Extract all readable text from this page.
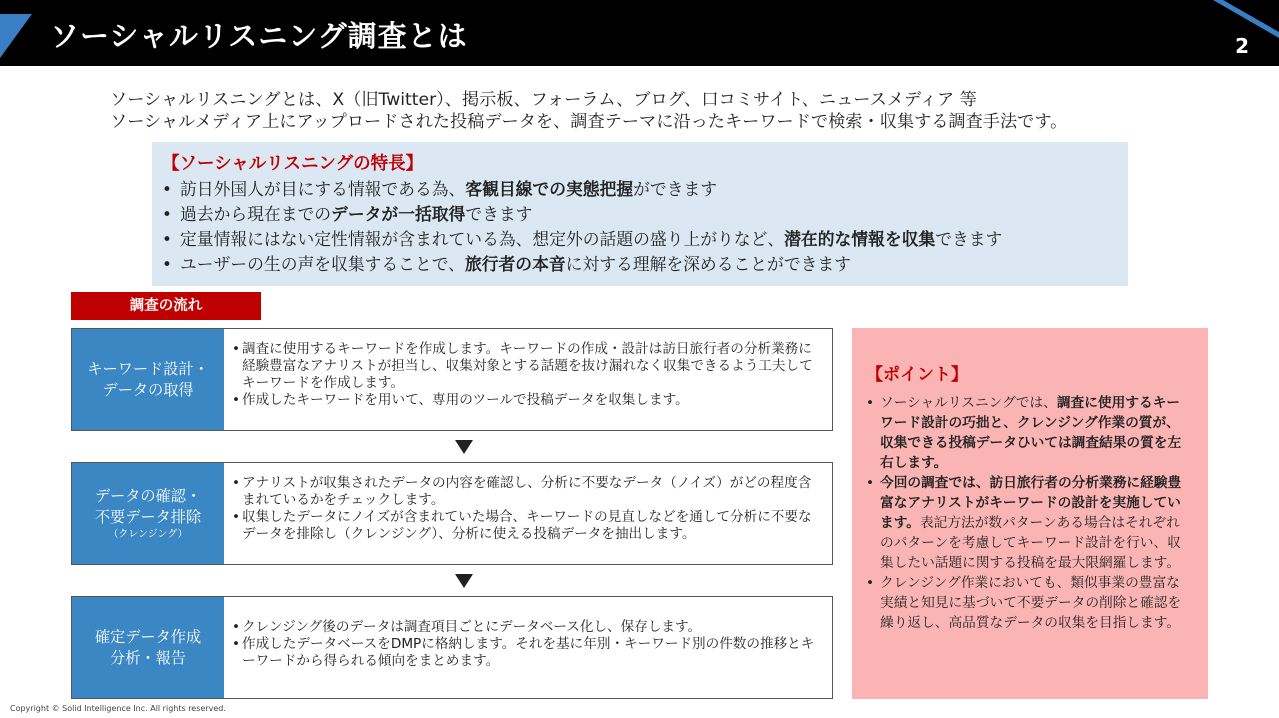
ソーシャルリスニング調査とは	2
ソーシャルリスニングとは、X（旧Twitter）、掲示板、フォーラム、ブログ、口コミサイト、ニュースメディア 等
ソーシャルメディア上にアップロードされた投稿データを、調査テーマに沿ったキーワードで検索・収集する調査手法です。
【ソーシャルリスニングの特長】
• 訪日外国人が目にする情報である為、客観目線での実態把握ができます
• 過去から現在までのデータが一括取得できます
• 定量情報にはない定性情報が含まれている為、想定外の話題の盛り上がりなど、潜在的な情報を収集できます
• ユーザーの生の声を収集することで、旅行者の本音に対する理解を深めることができます
調査の流れ
キーワード設計・
データの取得
• 調査に使用するキーワードを作成します。キーワードの作成・設計は訪日旅行者の分析業務に経験豊富なアナリストが担当し、収集対象とする話題を抜け漏れなく収集できるよう工夫してキーワードを作成します。
• 作成したキーワードを用いて、専用のツールで投稿データを収集します。
データの確認・
不要データ排除
（クレンジング）
• アナリストが収集されたデータの内容を確認し、分析に不要なデータ（ノイズ）がどの程度含まれているかをチェックします。
• 収集したデータにノイズが含まれていた場合、キーワードの見直しなどを通して分析に不要なデータを排除し（クレンジング）、分析に使える投稿データを抽出します。
確定データ作成
分析・報告
• クレンジング後のデータは調査項目ごとにデータベース化し、保存します。
• 作成したデータベースをDMPに格納します。それを基に年別・キーワード別の件数の推移とキーワードから得られる傾向をまとめます。
【ポイント】
• ソーシャルリスニングでは、調査に使用するキーワード設計の巧拙と、クレンジング作業の質が、収集できる投稿データひいては調査結果の質を左右します。
• 今回の調査では、訪日旅行者の分析業務に経験豊富なアナリストがキーワードの設計を実施しています。表記方法が数パターンある場合はそれぞれのパターンを考慮してキーワード設計を行い、収集したい話題に関する投稿を最大限網羅します。
• クレンジング作業においても、類似事業の豊富な実績と知見に基づいて不要データの削除と確認を繰り返し、高品質なデータの収集を目指します。
Copyright © Solid Intelligence Inc. All rights reserved.
